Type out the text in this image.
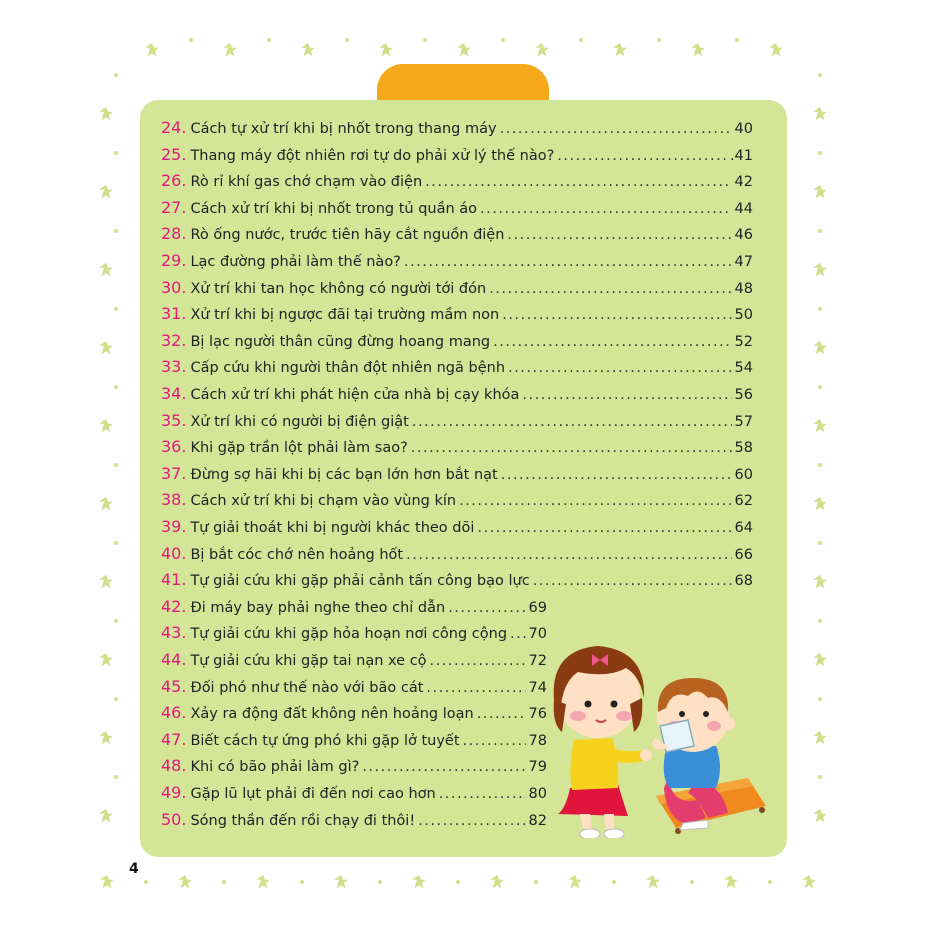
24. Cách tự xử trí khi bị nhốt trong thang máy .....	40
25. Thang máy đột nhiên rơi tự do phải xử lý thế nào? .....	.41
26. Rò rỉ khí gas chớ chạm vào điện .....	42
27. Cách xử trí khi bị nhốt trong tủ quần áo .....	44
28. Rò ống nước, trước tiên hãy cắt nguồn điện .....	46
29. Lạc đường phải làm thế nào? .....	47
30. Xử trí khi tan học không có người tới đón .....	48
31. Xử trí khi bị ngược đãi tại trường mầm non .....	50
32. Bị lạc người thân cũng đừng hoang mang .....	52
33. Cấp cứu khi người thân đột nhiên ngã bệnh .....	54
34. Cách xử trí khi phát hiện cửa nhà bị cạy khóa .....	56
35. Xử trí khi có người bị điện giật .....	57
36. Khi gặp trần lột phải làm sao? .....	58
37. Đừng sợ hãi khi bị các bạn lớn hơn bắt nạt .....	60
38. Cách xử trí khi bị chạm vào vùng kín .....	62
39. Tự giải thoát khi bị người khác theo dõi .....	64
40. Bị bắt cóc chớ nên hoảng hốt .....	66
41. Tự giải cứu khi gặp phải cảnh tấn công bạo lực .....	68
42. Đi máy bay phải nghe theo chỉ dẫn .....	69
43. Tự giải cứu khi gặp hỏa hoạn nơi công cộng ..... 70
44. Tự giải cứu khi gặp tai nạn xe cộ .....	72
45. Đối phó như thế nào với bão cát .....	74
46. Xảy ra động đất không nên hoảng loạn .....	76
47. Biết cách tự ứng phó khi gặp lở tuyết .....	78
48. Khi có bão phải làm gì? .....	79
49. Gặp lũ lụt phải đi đến nơi cao hơn .....	80
50. Sóng thần đến rồi chạy đi thôi! .....	82
4
